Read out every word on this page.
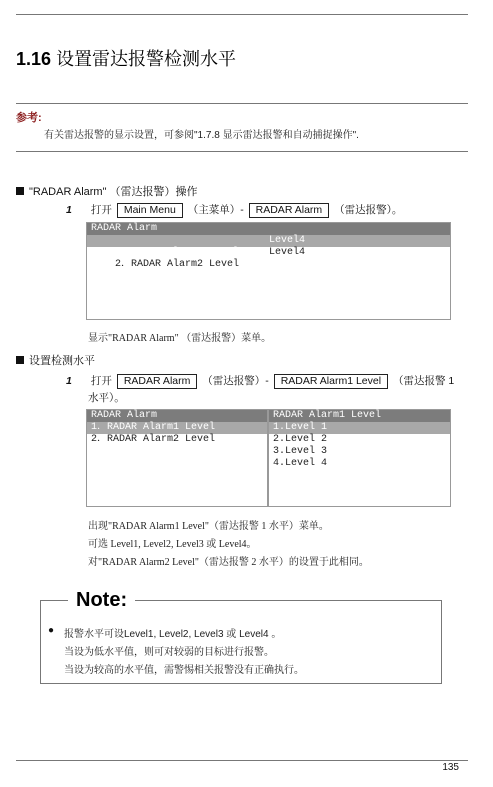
1.16 设置雷达报警检测水平
参考:
有关雷达报警的显示设置，可参阅"1.7.8 显示雷达报警和自动捕捉操作".
"RADAR Alarm" （雷达报警）操作
1 打开 Main Menu （主菜单）- RADAR Alarm （雷达报警）。
RADAR Alarm

1．RADAR Alarm1 Level

Level4

2．RADAR Alarm2 Level

Level4

显示"RADAR Alarm" （雷达报警）菜单。
设置检测水平
1 打开 RADAR Alarm （雷达报警）- RADAR Alarm1 Level （雷达报警 1
水平）。
RADAR Alarm
1．RADAR Alarm1 Level
2．RADAR Alarm2 Level
RADAR Alarm1 Level
1.Level 1
2.Level 2
3.Level 3
4.Level 4
出现"RADAR Alarm1 Level"（雷达报警 1 水平）菜单。
可选 Level1, Level2, Level3 或 Level4。
对"RADAR Alarm2 Level"（雷达报警 2 水平）的设置于此相同。
Note:
● 报警水平可设Level1, Level2, Level3 或 Level4 。
当设为低水平值，则可对较弱的目标进行报警。
当设为较高的水平值，需警惕相关报警没有正确执行。
135
